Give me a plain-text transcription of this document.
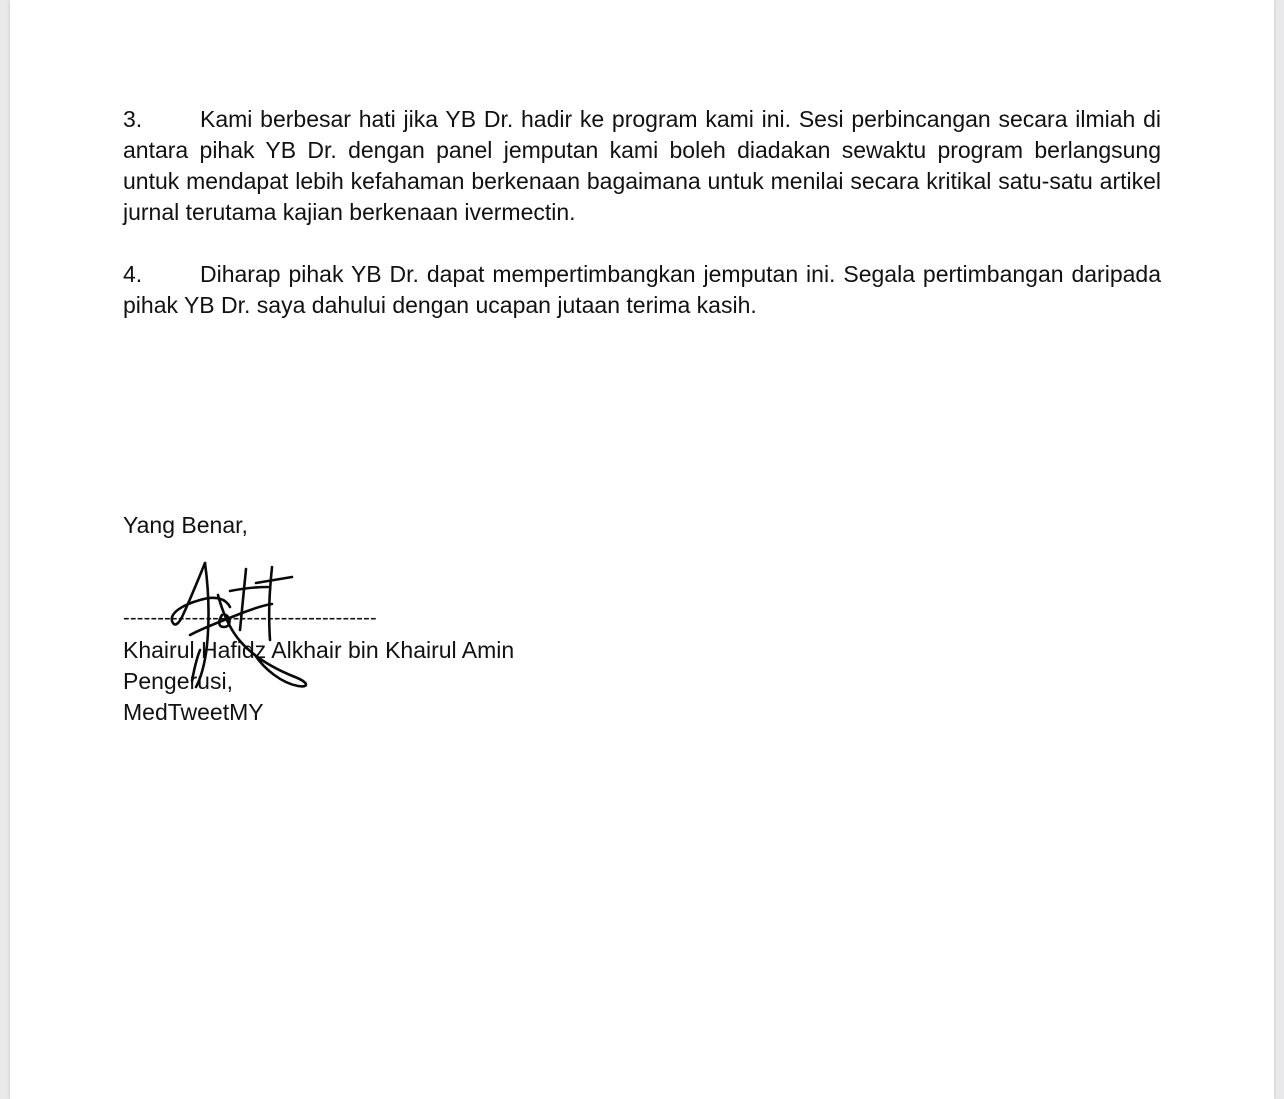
3.	Kami berbesar hati jika YB Dr. hadir ke program kami ini. Sesi perbincangan secara ilmiah di antara pihak YB Dr. dengan panel jemputan kami boleh diadakan sewaktu program berlangsung untuk mendapat lebih kefahaman berkenaan bagaimana untuk menilai secara kritikal satu-satu artikel jurnal terutama kajian berkenaan ivermectin.

4.	Diharap pihak YB Dr. dapat mempertimbangkan jemputan ini. Segala pertimbangan daripada pihak YB Dr. saya dahului dengan ucapan jutaan terima kasih.

Yang Benar,
-------------------------------------
Khairul Hafidz Alkhair bin Khairul Amin
Pengerusi,
MedTweetMY
